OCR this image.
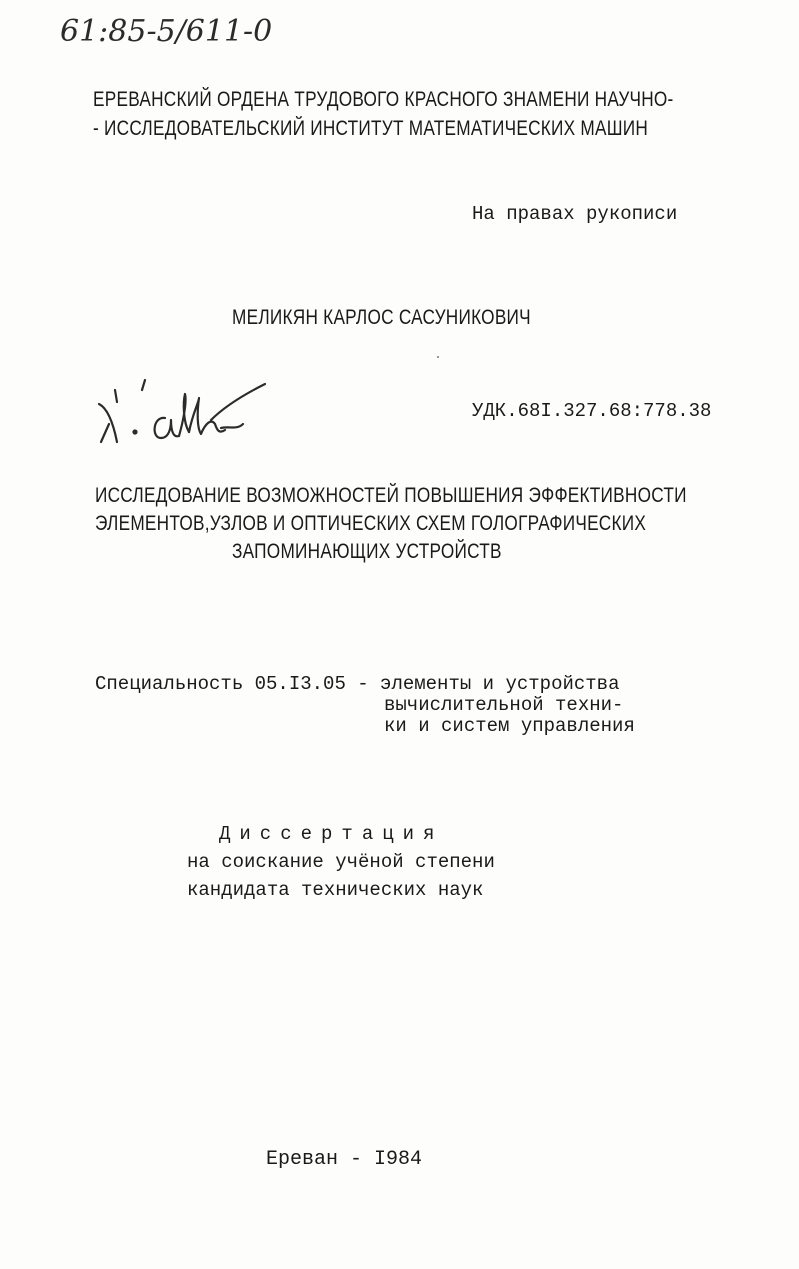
61:85-5/611-0
ЕРЕВАНСКИЙ ОРДЕНА ТРУДОВОГО КРАСНОГО ЗНАМЕНИ НАУЧНО-
- ИССЛЕДОВАТЕЛЬСКИЙ ИНСТИТУТ МАТЕМАТИЧЕСКИХ МАШИН
На правах рукописи
МЕЛИКЯН КАРЛОС САСУНИКОВИЧ
УДК.68I.327.68:778.38
ИССЛЕДОВАНИЕ ВОЗМОЖНОСТЕЙ ПОВЫШЕНИЯ ЭФФЕКТИВНОСТИ
ЭЛЕМЕНТОВ,УЗЛОВ И ОПТИЧЕСКИХ СХЕМ ГОЛОГРАФИЧЕСКИХ
ЗАПОМИНАЮЩИХ УСТРОЙСТВ
Специальность 05.I3.05 - элементы и устройства
вычислительной техни-
ки и систем управления
Диссертация
на соискание учёной степени
кандидата технических наук
Ереван - I984
